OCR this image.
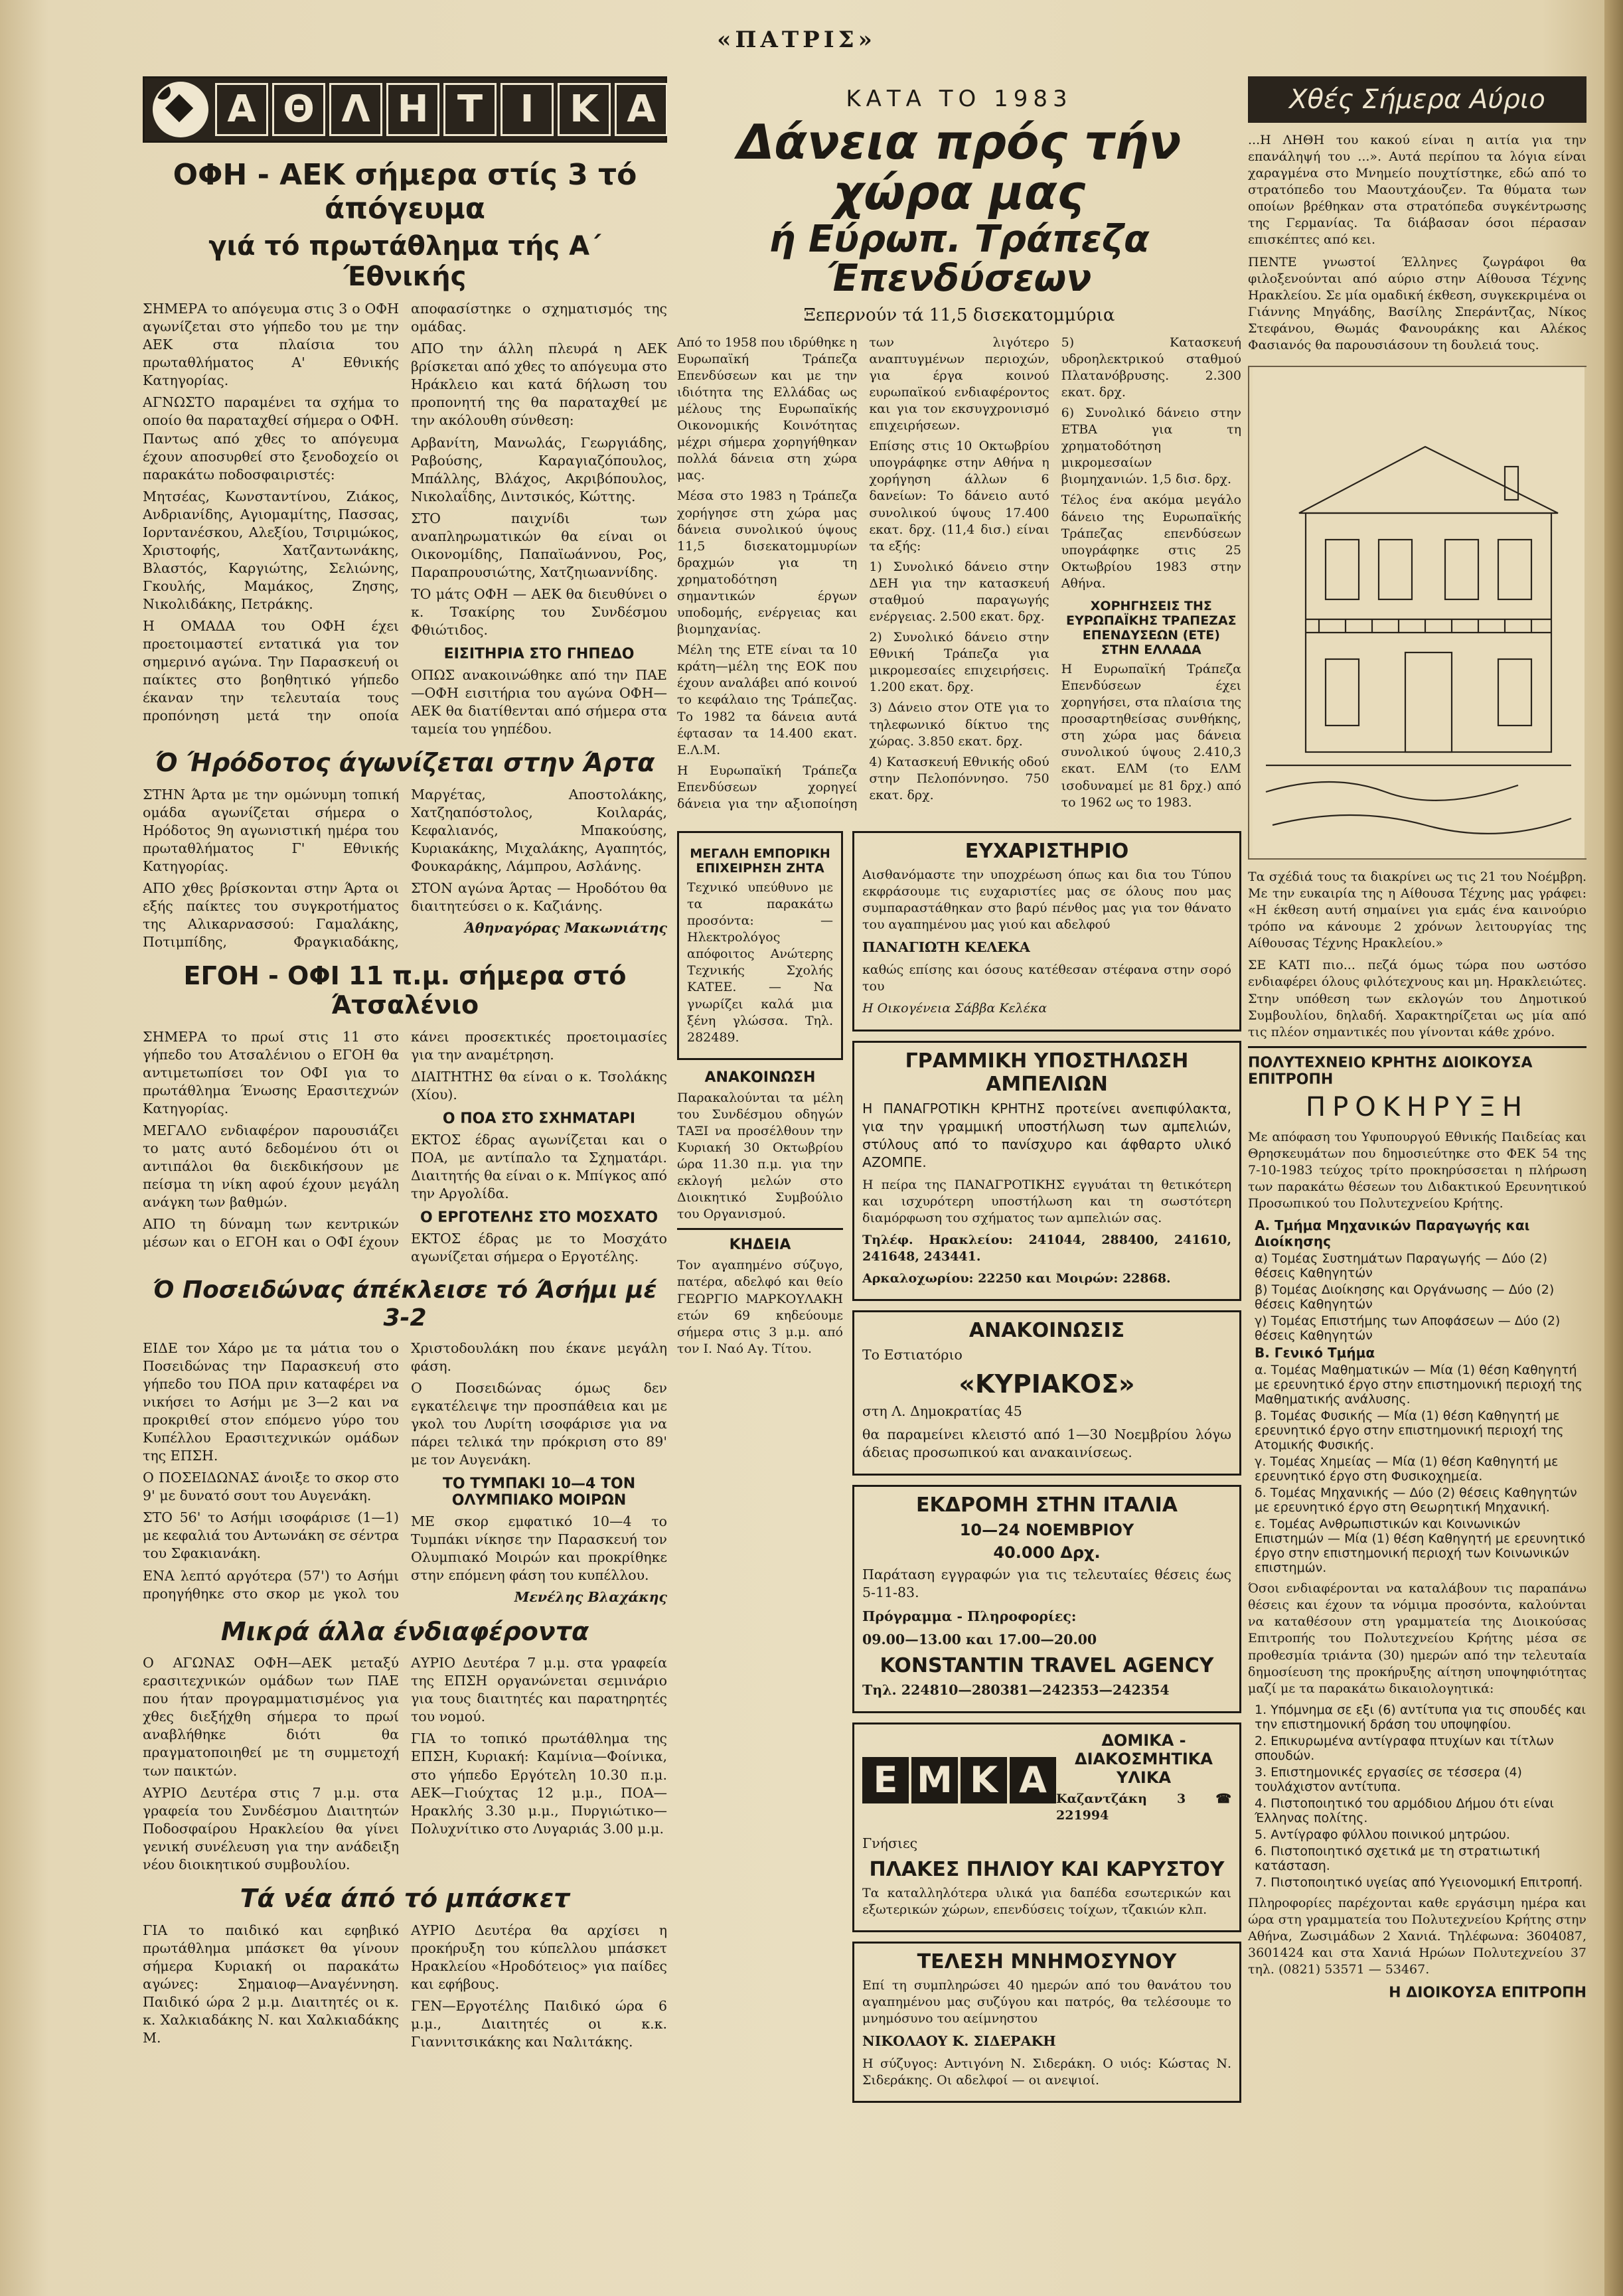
«ΠΑΤΡΙΣ»
Α Θ Λ Η Τ	Ι Κ Α
ΟΦΗ - ΑΕΚ σήμερα στίς 3 τό άπόγευμα
γιά τό πρωτάθλημα τής Α΄ Έθνικής

ΣΗΜΕΡΑ το απόγευμα στις 3 ο ΟΦΗ αγωνίζεται στο γήπεδο του με την ΑΕΚ στα πλαίσια του πρωταθλήματος Α' Εθνικής Κατηγορίας.

ΑΓΝΩΣΤΟ παραμένει τα σχήμα το οποίο θα παραταχθεί σήμερα ο ΟΦΗ. Παντως από χθες το απόγευμα έχουν αποσυρθεί στο ξενοδοχείο οι παρακάτω ποδοσφαιριστές:

Μητσέας, Κωνσταντίνου, Ζιάκος, Ανδριανίδης, Αγιομαμίτης, Πασσας, Ιορντανέσκου, Αλεξίου, Τσιριμώκος, Χριστοφής, Χατζαντωνάκης, Βλαστός, Καργιώτης, Σελιώνης, Γκουλής, Μαμάκος, Ζησης, Νικολιδάκης, Πετράκης.

Η ΟΜΑΔΑ του ΟΦΗ έχει προετοιμαστεί εντατικά για τον σημερινό αγώνα. Την Παρασκευή οι παίκτες στο βοηθητικό γήπεδο έκαναν την τελευταία τους προπόνηση μετά την οποία αποφασίστηκε ο σχηματισμός της ομάδας.

ΑΠΟ την άλλη πλευρά η ΑΕΚ βρίσκεται από χθες το απόγευμα στο Ηράκλειο και κατά δήλωση του προπονητή της θα παραταχθεί με την ακόλουθη σύνθεση:

Αρβανίτη, Μανωλάς, Γεωργιάδης, Ραβούσης, Καραγιαζόπουλος, Μπάλλης, Βλάχος, Ακριβόπουλος, Νικολαΐδης, Διντσικός, Κώττης.

ΣΤΟ παιχνίδι των αναπληρωματικών θα είναι οι Οικονομίδης, Παπαϊωάννου, Ρος, Παραπρουσιώτης, Χατζηιωαννίδης.

ΤΟ μάτς ΟΦΗ — ΑΕΚ θα διευθύνει ο κ. Τσακίρης του Συνδέσμου Φθιώτιδος.

ΕΙΣΙΤΗΡΙΑ ΣΤΟ ΓΗΠΕΔΟ

ΟΠΩΣ ανακοινώθηκε από την ΠΑΕ—ΟΦΗ εισιτήρια του αγώνα ΟΦΗ—ΑΕΚ θα διατίθενται από σήμερα στα ταμεία του γηπέδου.

Ό Ήρόδοτος άγωνίζεται στην Άρτα

ΣΤΗΝ Άρτα με την ομώνυμη τοπική ομάδα αγωνίζεται σήμερα ο Ηρόδοτος 9η αγωνιστική ημέρα του πρωταθλήματος Γ' Εθνικής Κατηγορίας.

ΑΠΟ χθες βρίσκονται στην Άρτα οι εξής παίκτες του συγκροτήματος της Αλικαρνασσού: Γαμαλάκης, Ποτιμπίδης, Φραγκιαδάκης, Μαργέτας, Αποστολάκης, Χατζηαπόστολος, Κοιλαράς, Κεφαλιανός, Μπακούσης, Κυριακάκης, Μιχαλάκης, Αγαπητός, Φουκαράκης, Λάμπρου, Ασλάνης.

ΣΤΟΝ αγώνα Άρτας — Ηροδότου θα διαιτητεύσει ο κ. Καζιάνης.

Άθηναγόρας Μακωνιάτης

ΕΓΟΗ - ΟΦΙ 11 π.μ. σήμερα στό Άτσαλένιο

ΣΗΜΕΡΑ το πρωί στις 11 στο γήπεδο του Ατσαλένιου ο ΕΓΟΗ θα αντιμετωπίσει τον ΟΦΙ για το πρωτάθλημα Ένωσης Ερασιτεχνών Κατηγορίας.

ΜΕΓΑΛΟ ενδιαφέρον παρουσιάζει το ματς αυτό δεδομένου ότι οι αντιπάλοι θα διεκδικήσουν με πείσμα τη νίκη αφού έχουν μεγάλη ανάγκη των βαθμών.

ΑΠΟ τη δύναμη των κεντρικών μέσων και ο ΕΓΟΗ και ο ΟΦΙ έχουν κάνει προσεκτικές προετοιμασίες για την αναμέτρηση.

ΔΙΑΙΤΗΤΗΣ θα είναι ο κ. Τσολάκης (Χίου).

Ο ΠΟΑ ΣΤΟ ΣΧΗΜΑΤΑΡΙ

ΕΚΤΟΣ έδρας αγωνίζεται και ο ΠΟΑ, με αντίπαλο τα Σχηματάρι. Διαιτητής θα είναι ο κ. Μπίγκος από την Αργολίδα.

Ο ΕΡΓΟΤΕΛΗΣ ΣΤΟ ΜΟΣΧΑΤΟ

ΕΚΤΟΣ έδρας με το Μοσχάτο αγωνίζεται σήμερα ο Εργοτέλης.

Ό Ποσειδώνας άπέκλεισε τό Άσήμι μέ 3-2

ΕΙΔΕ τον Χάρο με τα μάτια του ο Ποσειδώνας την Παρασκευή στο γήπεδο του ΠΟΑ πριν καταφέρει να νικήσει το Ασήμι με 3—2 και να προκριθεί στον επόμενο γύρο του Κυπέλλου Ερασιτεχνικών ομάδων της ΕΠΣΗ.

Ο ΠΟΣΕΙΔΩΝΑΣ άνοιξε το σκορ στο 9' με δυνατό σουτ του Αυγενάκη.

ΣΤΟ 56' το Ασήμι ισοφάρισε (1—1) με κεφαλιά του Αντωνάκη σε σέντρα του Σφακιανάκη.

ΕΝΑ λεπτό αργότερα (57') το Ασήμι προηγήθηκε στο σκορ με γκολ του Χριστοδουλάκη που έκανε μεγάλη φάση.

Ο Ποσειδώνας όμως δεν εγκατέλειψε την προσπάθεια και με γκολ του Λυρίτη ισοφάρισε για να πάρει τελικά την πρόκριση στο 89' με τον Αυγενάκη.

ΤΟ ΤΥΜΠΑΚΙ 10—4 ΤΟΝ ΟΛΥΜΠΙΑΚΟ ΜΟΙΡΩΝ

ΜΕ σκορ εμφατικό 10—4 το Τυμπάκι νίκησε την Παρασκευή τον Ολυμπιακό Μοιρών και προκρίθηκε στην επόμενη φάση του κυπέλλου.

Μενέλης Βλαχάκης

Μικρά άλλα ένδιαφέροντα

Ο ΑΓΩΝΑΣ ΟΦΗ—ΑΕΚ μεταξύ ερασιτεχνικών ομάδων των ΠΑΕ που ήταν προγραμματισμένος για χθες διεξήχθη σήμερα το πρωί αναβλήθηκε διότι θα πραγματοποιηθεί με τη συμμετοχή των παικτών.

ΑΥΡΙΟ Δευτέρα στις 7 μ.μ. στα γραφεία του Συνδέσμου Διαιτητών Ποδοσφαίρου Ηρακλείου θα γίνει γενική συνέλευση για την ανάδειξη νέου διοικητικού συμβουλίου.

ΑΥΡΙΟ Δευτέρα 7 μ.μ. στα γραφεία της ΕΠΣΗ οργανώνεται σεμινάριο για τους διαιτητές και παρατηρητές του νομού.

ΓΙΑ το τοπικό πρωτάθλημα της ΕΠΣΗ, Κυριακή: Καμίνια—Φοίνικα, στο γήπεδο Εργότελη 10.30 π.μ. ΑΕΚ—Γιούχτας 12 μ.μ., ΠΟΑ—Ηρακλής 3.30 μ.μ., Πυργιώτικο—Πολυχνίτικο στο Λυγαριάς 3.00 μ.μ.

Τά νέα άπό τό μπάσκετ

ΓΙΑ το παιδικό και εφηβικό πρωτάθλημα μπάσκετ θα γίνουν σήμερα Κυριακή οι παρακάτω αγώνες: Σημαιοφ—Αναγέννηση. Παιδικό ώρα 2 μ.μ. Διαιτητές οι κ. κ. Χαλκιαδάκης Ν. και Χαλκιαδάκης Μ.

ΑΥΡΙΟ Δευτέρα θα αρχίσει η προκήρυξη του κύπελλου μπάσκετ Ηρακλείου «Ηροδότειος» για παίδες και εφήβους.

ΓΕΝ—Εργοτέλης Παιδικό ώρα 6 μ.μ., Διαιτητές οι κ.κ. Γιαννιτσικάκης και Ναλιτάκης.

ΚΑΤΑ ΤΟ 1983
Δάνεια πρός τήν χώρα μας
ή Εύρωπ. Τράπεζα Έπενδύσεων
Ξεπερνούν τά 11,5 δισεκατομμύρια

Από το 1958 που ιδρύθηκε η Ευρωπαϊκή Τράπεζα Επενδύσεων και με την ιδιότητα της Ελλάδας ως μέλους της Ευρωπαϊκής Οικονομικής Κοινότητας μέχρι σήμερα χορηγήθηκαν πολλά δάνεια στη χώρα μας.

Μέσα στο 1983 η Τράπεζα χορήγησε στη χώρα μας δάνεια συνολικού ύψους 11,5 δισεκατομμυρίων δραχμών για τη χρηματοδότηση σημαντικών έργων υποδομής, ενέργειας και βιομηχανίας.

Μέλη της ΕΤΕ είναι τα 10 κράτη—μέλη της ΕΟΚ που έχουν αναλάβει από κοινού το κεφάλαιο της Τράπεζας. Το 1982 τα δάνεια αυτά έφτασαν τα 14.400 εκατ. Ε.Λ.Μ.

Η Ευρωπαϊκή Τράπεζα Επενδύσεων χορηγεί δάνεια για την αξιοποίηση των λιγότερο αναπτυγμένων περιοχών, για έργα κοινού ευρωπαϊκού ενδιαφέροντος και για τον εκσυγχρονισμό επιχειρήσεων.

Επίσης στις 10 Οκτωβρίου υπογράφηκε στην Αθήνα η χορήγηση άλλων 6 δανείων: Το δάνειο αυτό συνολικού ύψους 17.400 εκατ. δρχ. (11,4 δισ.) είναι τα εξής:

1) Συνολικό δάνειο στην ΔΕΗ για την κατασκευή σταθμού παραγωγής ενέργειας. 2.500 εκατ. δρχ.

2) Συνολικό δάνειο στην Εθνική Τράπεζα για μικρομεσαίες επιχειρήσεις. 1.200 εκατ. δρχ.

3) Δάνειο στον ΟΤΕ για το τηλεφωνικό δίκτυο της χώρας. 3.850 εκατ. δρχ.

4) Κατασκευή Εθνικής οδού στην Πελοπόννησο. 750 εκατ. δρχ.

5) Κατασκευή υδροηλεκτρικού σταθμού Πλατανόβρυσης. 2.300 εκατ. δρχ.

6) Συνολικό δάνειο στην ΕΤΒΑ για τη χρηματοδότηση μικρομεσαίων βιομηχανιών. 1,5 δισ. δρχ.

Τέλος ένα ακόμα μεγάλο δάνειο της Ευρωπαϊκής Τράπεζας επενδύσεων υπογράφηκε στις 25 Οκτωβρίου 1983 στην Αθήνα.

ΧΟΡΗΓΗΣΕΙΣ ΤΗΣ ΕΥΡΩΠΑΪΚΗΣ ΤΡΑΠΕΖΑΣ ΕΠΕΝΔΥΣΕΩΝ (ΕΤΕ) ΣΤΗΝ ΕΛΛΑΔΑ

Η Ευρωπαϊκή Τράπεζα Επενδύσεων έχει χορηγήσει, στα πλαίσια της προσαρτηθείσας συνθήκης, στη χώρα μας δάνεια συνολικού ύψους 2.410,3 εκατ. ΕΛΜ (το ΕΛΜ ισοδυναμεί με 81 δρχ.) από το 1962 ως το 1983.

ΜΕΓΑΛΗ ΕΜΠΟΡΙΚΗ ΕΠΙΧΕΙΡΗΣΗ ΖΗΤΑ

Τεχνικό υπεύθυνο με τα παρακάτω προσόντα: — Ηλεκτρολόγος απόφοιτος Ανώτερης Τεχνικής Σχολής ΚΑΤΕΕ. — Να γνωρίζει καλά μια ξένη γλώσσα. Τηλ. 282489.

ΑΝΑΚΟΙΝΩΣΗ

Παρακαλούνται τα μέλη του Συνδέσμου οδηγών ΤΑΞΙ να προσέλθουν την Κυριακή 30 Οκτωβρίου ώρα 11.30 π.μ. για την εκλογή μελών στο Διοικητικό Συμβούλιο του Οργανισμού.

ΚΗΔΕΙΑ

Τον αγαπημένο σύζυγο, πατέρα, αδελφό και θείο ΓΕΩΡΓΙΟ ΜΑΡΚΟΥΛΑΚΗ ετών 69 κηδεύουμε σήμερα στις 3 μ.μ. από τον Ι. Ναό Αγ. Τίτου.

ΕΥΧΑΡΙΣΤΗΡΙΟ

Αισθανόμαστε την υποχρέωση όπως και δια του Τύπου εκφράσουμε τις ευχαριστίες μας σε όλους που μας συμπαραστάθηκαν στο βαρύ πένθος μας για τον θάνατο του αγαπημένου μας γιού και αδελφού

ΠΑΝΑΓΙΩΤΗ ΚΕΛΕΚΑ

καθώς επίσης και όσους κατέθεσαν στέφανα στην σορό του

Η Οικογένεια Σάββα Κελέκα

ΓΡΑΜΜΙΚΗ ΥΠΟΣΤΗΛΩΣΗ ΑΜΠΕΛΙΩΝ

Η ΠΑΝΑΓΡΟΤΙΚΗ ΚΡΗΤΗΣ προτείνει ανεπιφύλακτα, για την γραμμική υποστήλωση των αμπελιών, στύλους από το πανίσχυρο και άφθαρτο υλικό ΑΖΟΜΠΕ.

Η πείρα της ΠΑΝΑΓΡΟΤΙΚΗΣ εγγυάται τη θετικότερη και ισχυρότερη υποστήλωση και τη σωστότερη διαμόρφωση του σχήματος των αμπελιών σας.

Τηλέφ. Ηρακλείου: 241044, 288400, 241610, 241648, 243441.

Αρκαλοχωρίου: 22250 και Μοιρών: 22868.

ΑΝΑΚΟΙΝΩΣΙΣ

Το Εστιατόριο

«ΚΥΡΙΑΚΟΣ»

στη Λ. Δημοκρατίας 45

θα παραμείνει κλειστό από 1—30 Νοεμβρίου λόγω άδειας προσωπικού και ανακαινίσεως.

ΕΚΔΡΟΜΗ ΣΤΗΝ ΙΤΑΛΙΑ
10—24 ΝΟΕΜΒΡΙΟΥ
40.000 Δρχ.

Παράταση εγγραφών για τις τελευταίες θέσεις έως 5-11-83.

Πρόγραμμα - Πληροφορίες:

09.00—13.00 και 17.00—20.00

KONSTANTIN TRAVEL AGENCY

Τηλ. 224810—280381—242353—242354

Ε Μ Κ Α
ΔΟΜΙΚΑ - ΔΙΑΚΟΣΜΗΤΙΚΑ ΥΛΙΚΑ

Καζαντζάκη 3 ☎ 221994

Γνήσιες

ΠΛΑΚΕΣ ΠΗΛΙΟΥ ΚΑΙ ΚΑΡΥΣΤΟΥ

Τα καταλληλότερα υλικά για δαπέδα εσωτερικών και εξωτερικών χώρων, επενδύσεις τοίχων, τζακιών κλπ.

ΤΕΛΕΣΗ ΜΝΗΜΟΣΥΝΟΥ

Επί τη συμπληρώσει 40 ημερών από του θανάτου του αγαπημένου μας συζύγου και πατρός, θα τελέσουμε το μνημόσυνο του αείμνηστου

ΝΙΚΟΛΑΟΥ Κ. ΣΙΔΕΡΑΚΗ

Η σύζυγος: Αντιγόνη Ν. Σιδεράκη. Ο υιός: Κώστας Ν. Σιδεράκης. Οι αδελφοί — οι ανεψιοί.

Χθές Σήμερα Αύριο

...Η ΛΗΘΗ του κακού είναι η αιτία για την επανάληψή του ...». Αυτά περίπου τα λόγια είναι χαραγμένα στο Μνημείο πουχτίστηκε, εδώ από το στρατόπεδο του Μαουτχάουζεν. Τα θύματα των οποίων βρέθηκαν στα στρατόπεδα συγκέντρωσης της Γερμανίας. Τα διάβασαν όσοι πέρασαν επισκέπτες από κει.

ΠΕΝΤΕ γνωστοί Έλληνες ζωγράφοι θα φιλοξενούνται από αύριο στην Αίθουσα Τέχνης Ηρακλείου. Σε μία ομαδική έκθεση, συγκεκριμένα οι Γιάννης Μηγάδης, Βασίλης Σπεράντζας, Νίκος Στεφάνου, Θωμάς Φανουράκης και Αλέκος Φασιανός θα παρουσιάσουν τη δουλειά τους.

Τα σχέδιά τους τα διακρίνει ως τις 21 του Νοέμβρη. Με την ευκαιρία της η Αίθουσα Τέχνης μας γράφει: «Η έκθεση αυτή σημαίνει για εμάς ένα καινούριο τρόπο να κάνουμε 2 χρόνων λειτουργίας της Αίθουσας Τέχνης Ηρακλείου.»

ΣΕ ΚΑΤΙ πιο... πεζά όμως τώρα που ωστόσο ενδιαφέρει όλους φιλότεχνους και μη. Ηρακλειώτες. Στην υπόθεση των εκλογών του Δημοτικού Συμβουλίου, δηλαδή. Χαρακτηρίζεται ως μία από τις πλέον σημαντικές που γίνονται κάθε χρόνο.

ΠΟΛΥΤΕΧΝΕΙΟ ΚΡΗΤΗΣ ΔΙΟΙΚΟΥΣΑ ΕΠΙΤΡΟΠΗ
ΠΡΟΚΗΡΥΞΗ

Με απόφαση του Υφυπουργού Εθνικής Παιδείας και Θρησκευμάτων που δημοσιεύτηκε στο ΦΕΚ 54 της 7-10-1983 τεύχος τρίτο προκηρύσσεται η πλήρωση των παρακάτω θέσεων του Διδακτικού Ερευνητικού Προσωπικού του Πολυτεχνείου Κρήτης.

Α. Τμήμα Μηχανικών Παραγωγής και Διοίκησης
α) Τομέας Συστημάτων Παραγωγής — Δύο (2) θέσεις Καθηγητών
β) Τομέας Διοίκησης και Οργάνωσης — Δύο (2) θέσεις Καθηγητών
γ) Τομέας Επιστήμης των Αποφάσεων — Δύο (2) θέσεις Καθηγητών
Β. Γενικό Τμήμα
α. Τομέας Μαθηματικών — Μία (1) θέση Καθηγητή με ερευνητικό έργο στην επιστημονική περιοχή της Μαθηματικής ανάλυσης.
β. Τομέας Φυσικής — Μία (1) θέση Καθηγητή με ερευνητικό έργο στην επιστημονική περιοχή της Ατομικής Φυσικής.
γ. Τομέας Χημείας — Μία (1) θέση Καθηγητή με ερευνητικό έργο στη Φυσικοχημεία.
δ. Τομέας Μηχανικής — Δύο (2) θέσεις Καθηγητών με ερευνητικό έργο στη Θεωρητική Μηχανική.
ε. Τομέας Ανθρωπιστικών και Κοινωνικών Επιστημών — Μία (1) θέση Καθηγητή με ερευνητικό έργο στην επιστημονική περιοχή των Κοινωνικών επιστημών.

Όσοι ενδιαφέρονται να καταλάβουν τις παραπάνω θέσεις και έχουν τα νόμιμα προσόντα, καλούνται να καταθέσουν στη γραμματεία της Διοικούσας Επιτροπής του Πολυτεχνείου Κρήτης μέσα σε προθεσμία τριάντα (30) ημερών από την τελευταία δημοσίευση της προκήρυξης αίτηση υποψηφιότητας μαζί με τα παρακάτω δικαιολογητικά:

1. Υπόμνημα σε εξι (6) αντίτυπα για τις σπουδές και την επιστημονική δράση του υποψηφίου.
2. Επικυρωμένα αντίγραφα πτυχίων και τίτλων σπουδών.
3. Επιστημονικές εργασίες σε τέσσερα (4) τουλάχιστον αντίτυπα.
4. Πιστοποιητικό του αρμόδιου Δήμου ότι είναι Έλληνας πολίτης.
5. Αντίγραφο φύλλου ποινικού μητρώου.
6. Πιστοποιητικό σχετικά με τη στρατιωτική κατάσταση.
7. Πιστοποιητικό υγείας από Υγειονομική Επιτροπή.

Πληροφορίες παρέχονται καθε εργάσιμη ημέρα και ώρα στη γραμματεία του Πολυτεχνείου Κρήτης στην Αθήνα, Ζωσιμάδων 2 Χανιά. Τηλέφωνα: 3604087, 3601424 και στα Χανιά Ηρώων Πολυτεχνείου 37 τηλ. (0821) 53571 — 53467.

Η ΔΙΟΙΚΟΥΣΑ ΕΠΙΤΡΟΠΗ
